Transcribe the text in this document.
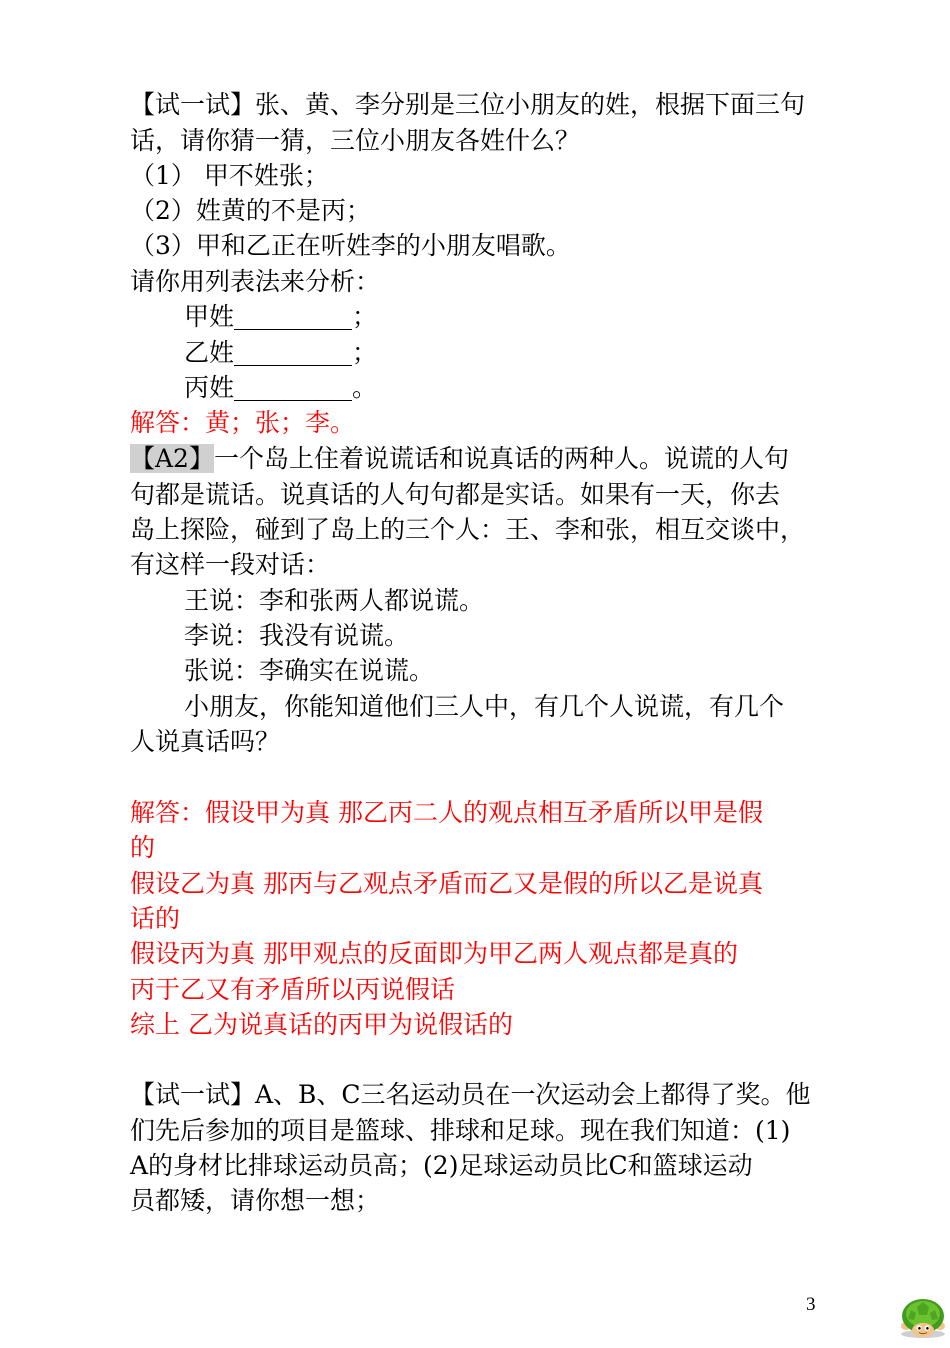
【试一试】张、黄、李分别是三位小朋友的姓，根据下面三句
话，请你猜一猜，三位小朋友各姓什么？
（1） 甲不姓张；
（2）姓黄的不是丙；
（3）甲和乙正在听姓李的小朋友唱歌。
请你用列表法来分析：
甲姓	；
乙姓	；
丙姓	。
解答：黄；张；李。
【A2】一个岛上住着说谎话和说真话的两种人。说谎的人句
句都是谎话。说真话的人句句都是实话。如果有一天，你去
岛上探险，碰到了岛上的三个人：王、李和张，相互交谈中，
有这样一段对话：
王说：李和张两人都说谎。
李说：我没有说谎。
张说：李确实在说谎。
小朋友，你能知道他们三人中，有几个人说谎，有几个
人说真话吗？
解答：假设甲为真 那乙丙二人的观点相互矛盾所以甲是假
的
假设乙为真 那丙与乙观点矛盾而乙又是假的所以乙是说真
话的
假设丙为真 那甲观点的反面即为甲乙两人观点都是真的
丙于乙又有矛盾所以丙说假话
综上 乙为说真话的丙甲为说假话的
【试一试】A、B、C三名运动员在一次运动会上都得了奖。他
们先后参加的项目是篮球、排球和足球。现在我们知道：(1)
A的身材比排球运动员高；(2)足球运动员比C和篮球运动
员都矮，请你想一想；
3
